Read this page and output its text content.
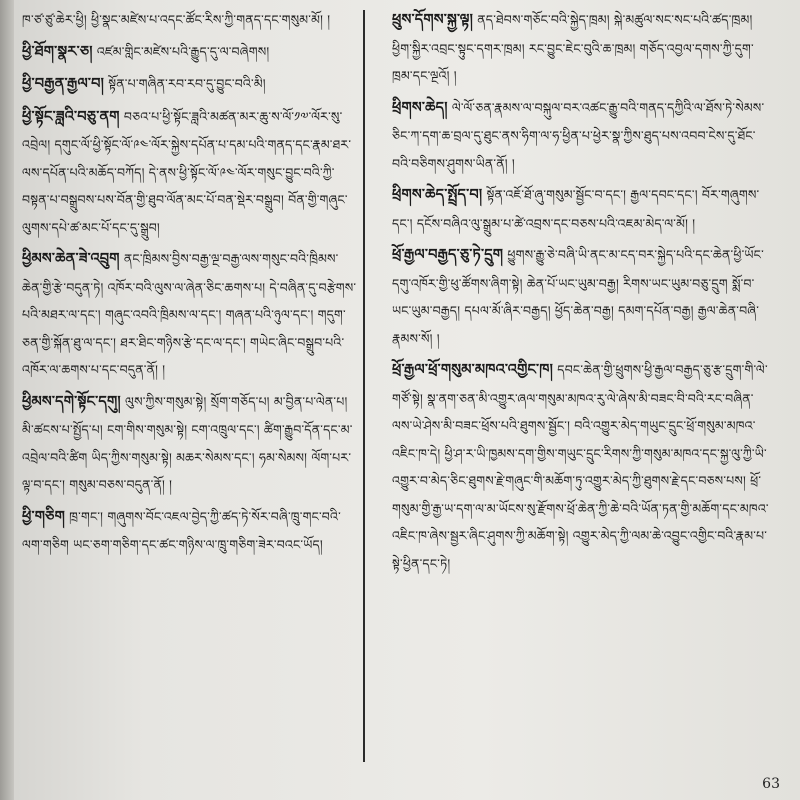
ཁ་ཙ་ཙུ་ཆེར་ཕྱི། ཕྱི་སྣང་མཛེས་པ་འདང་ཚོང་རིས་ཀྱི་གནད་དང་གསུམ་མོ། །
ཕྱི་ཐོག་སྣར་ཅ། འཛམ་གླིང་མཛེས་པའི་རྒྱུད་དུ་ལ་བཞེགས།
ཕྱི་བརྒྱན་རྒྱལ་བ། སྟོན་པ་གཞིན་རབ་རབ་དུ་བྱུང་བའི་མི།
ཕྱི་སྟོང་ཟླའི་བཅུ་ནག བཅའ་པ་ཕྱི་སྟོང་ཟླའི་མཚན་མར་ཆུ་ས་ལོ་༡༧་ལོར་སུ་འབྲེལ། དགུང་ལོ་ཕྱི་སྟོང་ལོ་༩༤་ལོར་སྐྱེས་དཔོན་པ་དམ་པའི་གནད་དང་རྣམ་ཐར་ལས་དཔོན་པའི་མཆོད་བཀོད། དེ་ནས་ཕྱི་སྟོང་ལོ་༩༤་ལོར་གསུང་བྱུང་བའི་ཀྱི་བསྟན་པ་བསྒྲུབས་པས་བོན་གྱི་ཐུབ་ལོན་མང་པོ་བན་སྡེར་བསྒྲུབ། བོན་གྱི་གཞུང་ལུགས་དཔེ་ཚ་མང་པོ་དང་དུ་སྒྲུབ།
ཕྱིམས་ཆེན་ཟེ་འབྲུག ནང་ཁྲིམས་བྱིས་བརྒྱ་ལྔ་བརྒྱ་ལས་གསུང་བའི་ཁྲིམས་ཆེན་གྱི་རྩེ་བདུན་ཏེ། འཁོར་བའི་ལུས་ལ་ཞེན་ཅིང་ཆགས་པ། དེ་བཞིན་དུ་བརྩེགས་པའི་མཐར་ལ་དང་། གཞུང་འབའི་ཁྲིམས་ལ་དང་། གཞན་པའི་ཉུལ་དང་། གདུག་ཅན་གྱི་སྐོན་ཐུ་ལ་དང་། ཐར་ཐིང་གཉིས་རྩེ་དང་ལ་དང་། གཡེང་ཞིང་བསྒྲུབ་པའི་འཁོར་ལ་ཆགས་པ་དང་བདུན་ནོ། །
ཕྱིམས་དགེ་སྟོང་དགུ། ལུས་ཀྱིས་གསུམ་སྟེ། སྲོག་གཅོད་པ། མ་བྱིན་པ་ལེན་པ། མི་ཚངས་པ་སྤྱོད་པ། ངག་གིས་གསུམ་སྟེ། ངག་འཁྲུལ་དང་། ཚིག་རྒྱུབ་དོན་དང་མ་འབྲེལ་བའི་ཚིག ཡིད་ཀྱིས་གསུམ་སྟེ། མཆར་སེམས་དང་། ཧམ་སེམས། ལོག་པར་ལྟ་བ་དང་། གསུམ་བཅས་བདུན་ནོ། །
ཕྱི་གཅིག ཁྲ་གང་། གཞུགས་བོང་འཇལ་བྱེད་ཀྱི་ཚད་ཏེ་སོར་བཞི་ཁྲུ་གང་བའི་ལག་གཅིག ཡང་ཅག་གཅིག་དང་ཚང་གཉིས་ལ་ཁྲུ་གཅིག་ཟེར་བའང་ཡོད།
ཕྲུས་དོགས་སྐྱ་ལྟ། ནད་ཐེབས་གཅོང་བའི་སྐྱེད་ཁྲམ། སྐེ་མཚུལ་སང་སང་པའི་ཚད་ཁྲམ། ཕྱིག་སྐྱིར་འབྲང་སྟུང་དགར་ཁྲམ། རང་བྱུང་ཇེང་བུའི་ཆ་ཁྲམ། གཅོད་འབྱལ་དགས་ཀྱི་དུག་ཁྲམ་དང་ལྔའོ། །
ཕྲིགས་ཆེད། ལེ་ལོ་ཅན་རྣམས་ལ་བསྐུལ་བར་འཚང་རྒྱུ་བའི་གནད་དཀྱིའི་ལ་ཐོས་ཏེ་སེམས་ཅིང་ཀ་དག་ཆ་བྲལ་དུ་ཐུང་ནས་ཧིག་ལ་ཧ་ཕྱིན་པ་ཕྱེར་སྣ་ཀྱིས་ཐུད་པས་འབབ་ངེས་དུ་ཐོང་བའི་བཅིགས་ཤུགས་ཡིན་ནོ། །
ཕྲིགས་ཆེད་སྤྲོད་བ། སྟོན་འཇོ་ཐོ་ཞུ་གསུམ་སྦྱོང་བ་དང་། རྒྱལ་དབང་དང་། བོར་གཞུགས་དང་། དངོས་བཞིའ་ལུ་སྒྲུམ་པ་ཚེ་འབྲས་དང་བཅས་པའི་འཇམ་མེད་ལ་མོ། །
ཕྲོ་རྒྱལ་བརྒྱད་ཅུ་ཏེ་དྲུག ཕྱུགས་རྒྱུ་ཅེ་བཞི་ཡི་ནང་མ་ངད་བར་སྐྱེད་པའི་དང་ཆེན་ཕྱི་ཡོང་དགུ་འཁོར་གྱི་ཕུ་ཚོགས་ཞིག་སྟེ། ཆེན་པོ་ཡང་ཡུམ་བརྒྱ། རིགས་ཡང་ཡུམ་བཅུ་དྲུག སྨོ་བ་ཡང་ཡུམ་བརྒྱད། དཔལ་མོ་ཞིར་བརྒྱད། ཕྱོད་ཆེན་བརྒྱ། དམག་དཔོན་བརྒྱ། རྒྱལ་ཆེན་བཞི་རྣམས་སོ། །
ཕྲོ་རྒྱལ་ཕྲོ་གསུམ་མཁའ་འགྱིང་ཁ། དབང་ཆེན་གྱི་ཕྲུགས་ཕྱི་རྒྱལ་བརྒྱད་ཅུ་རྩ་དྲུག་གི་ལེ་གཙོ་སྟེ། སྣ་ནག་ཅན་མི་འགྱུར་ཞལ་གསུམ་མཁའ་རུ་ལེ་ཞེས་མི་བཟང་བི་བའི་རང་བཞིན་ལས་ཡེ་ཤེས་མི་བཟང་ཕྲོས་པའི་ཐུགས་སྦྱོང་། བའི་འགྱུར་མེད་གཡུང་དྲུང་ཕྲོ་གསུམ་མཁའ་འཇིང་ཁ་དེ། ཕྱི་ཤ་ར་ཡི་ཁྱམས་དག་གྱིས་གཡུང་དྲུང་རིགས་ཀྱི་གསུམ་མཁའ་དང་སྐྱ་ལུ་ཀྱི་ཡི་འགྱུར་བ་མེད་ཅིང་ཐུགས་རྗེ་གཞུང་གི་མཆོག་ཏུ་འགྱུར་མེད་ཀྱི་ཐུགས་རྗེ་དང་བཅས་པས། ཕྲོ་གསུམ་གྱི་རྒྱ་ཡ་དག་ལ་མ་ཡོངས་སུ་རྫོགས་ཕྲོ་ཆེན་ཀྱི་ཆེ་བའི་ཡོན་ཏན་གྱི་མཆོག་དང་མཁའ་འཇིང་ཁ་ཞེས་སྦྱར་ཞིང་ཤུགས་ཀྱི་མཆོག་སྟེ། འགྱུར་མེད་ཀྱི་ལམ་ཆེ་འབྱུང་འགྱིང་བའི་རྣམ་པ་སྟེ་ཕྱིན་དང་ཏེ།
63
